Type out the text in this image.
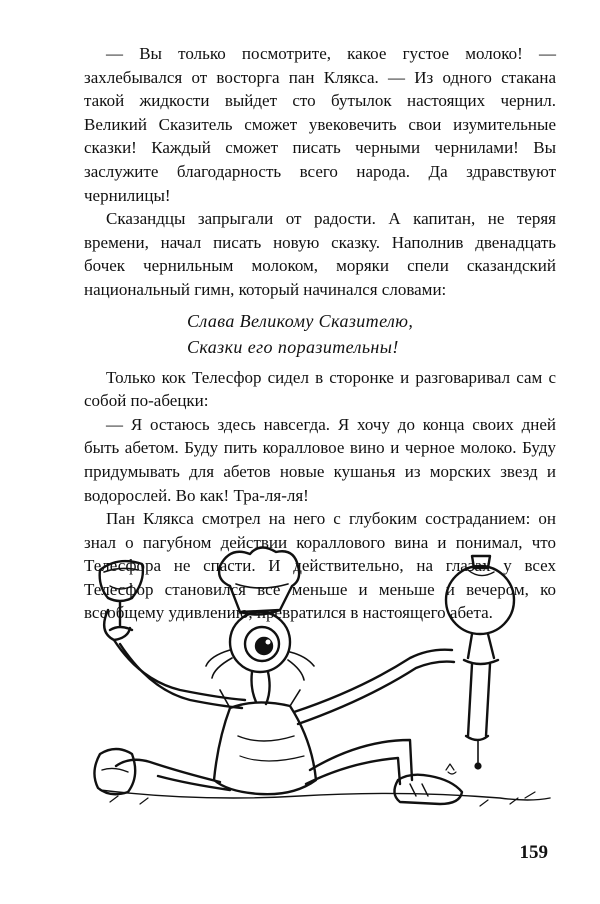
— Вы только посмотрите, какое густое молоко! — захлебывался от восторга пан Клякса. — Из одного стакана такой жидкости выйдет сто бутылок настоящих чернил. Великий Сказитель сможет увековечить свои изумительные сказки! Каждый сможет писать черными чернилами! Вы заслужите благодарность всего народа. Да здравствуют чернилицы!

Сказандцы запрыгали от радости. А капитан, не теряя времени, начал писать новую сказку. Наполнив двенадцать бочек чернильным молоком, моряки спели сказандский национальный гимн, который начинался словами:

Слава Великому Сказителю,
Сказки его поразительны!

Только кок Телесфор сидел в сторонке и разговаривал сам с собой по-абецки:

— Я остаюсь здесь навсегда. Я хочу до конца своих дней быть абетом. Буду пить коралловое вино и черное молоко. Буду придумывать для абетов новые кушанья из морских звезд и водорослей. Во как! Тра-ля-ля!

Пан Клякса смотрел на него с глубоким состраданием: он знал о пагубном действии кораллового вина и понимал, что Телесфора не спасти. И действительно, на глазах у всех Телесфор становился все меньше и меньше и вечером, ко всеобщему удивлению, превратился в настоящего абета.

159
